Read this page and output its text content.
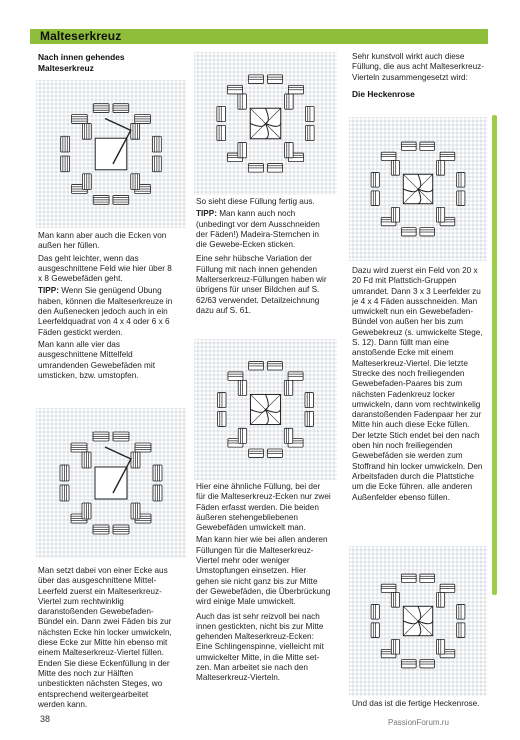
Malteserkreuz

Nach innen gehendes Malteserkreuz

Man kann aber auch die Ecken von außen her füllen.

Das geht leichter, wenn das ausgeschnittene Feld wie hier über 8 x 8 Gewebefäden geht.

TIPP: Wenn Sie genügend Übung haben, können die Malteserkreuze in den Außenecken jedoch auch in ein Leerfeldquadrat von 4 x 4 oder 6 x 6 Fäden gestickt werden.

Man kann alle vier das ausgeschnittene Mittelfeld umrandenden Gewebefäden mit umsticken, bzw. umstopfen.

Man setzt dabei von einer Ecke aus über das ausgeschnittene Mittel-Leerfeld zuerst ein Malteserkreuz-Viertel zum rechtwinklig daranstoßenden Gewebefaden-Bündel ein. Dann zwei Fäden bis zur nächsten Ecke hin locker umwickeln, diese Ecke zur Mitte hin ebenso mit einem Malteserkreuz-Viertel füllen. Enden Sie diese Eckenfüllung in der Mitte des noch zur Hälften unbestickten nächsten Steges, wo entsprechend weitergearbeitet werden kann.

So sieht diese Füllung fertig aus.

TIPP: Man kann auch noch (unbedingt vor dem Ausschneiden der Fäden!) Madeira-Sternchen in die Gewebe-Ecken sticken.

Eine sehr hübsche Variation der Füllung mit nach innen gehenden Malterserkreuz-Füllungen haben wir übrigens für unser Bildchen auf S. 62/63 verwendet. Detailzeichnung dazu auf S. 61.

Hier eine ähnliche Füllung, bei der für die Malteserkreuz-Ecken nur zwei Fäden erfasst werden. Die beiden äußeren stehengebliebenen Gewebefäden umwickelt man.

Man kann hier wie bei allen anderen Füllungen für die Malteserkreuz-Viertel mehr oder weniger Umstopfungen einsetzen. Hier gehen sie nicht ganz bis zur Mitte der Gewebefäden, die Überbrückung wird einige Male umwickelt.

Auch das ist sehr reizvoll bei nach innen gestickten, nicht bis zur Mitte gehenden Malteserkreuz-Ecken: Eine Schlingenspinne, vielleicht mit umwickelter Mitte, in die Mitte set-zen. Man arbeitet sie nach den Malteserkreuz-Vierteln.

Sehr kunstvoll wirkt auch diese Füllung, die aus acht Malteserkreuz-Vierteln zusammengesetzt wird:

Die Heckenrose

Dazu wird zuerst ein Feld von 20 x 20 Fd mit Plattstich-Gruppen umrandet. Dann 3 x 3 Leerfelder zu je 4 x 4 Fäden ausschneiden. Man umwickelt nun ein Gewebefaden-Bündel von außen her bis zum Gewebekreuz (s. umwickelte Stege, S. 12). Dann füllt man eine anstoßende Ecke mit einem Malteserkreuz-Viertel. Die letzte Strecke des noch freiliegenden Gewebefaden-Paares bis zum nächsten Fadenkreuz locker umwickeln, dann vom rechtwinkelig daranstoßenden Fadenpaar her zur Mitte hin auch diese Ecke füllen. Der letzte Stich endet bei den nach oben hin noch freiliegenden Gewebefäden sie werden zum Stoffrand hin locker umwickeln. Den Arbeitsfaden durch die Plattstiche um die Ecke führen. alle anderen Außenfelder ebenso füllen.

Und das ist die fertige Heckenrose.

38	PassionForum.ru
